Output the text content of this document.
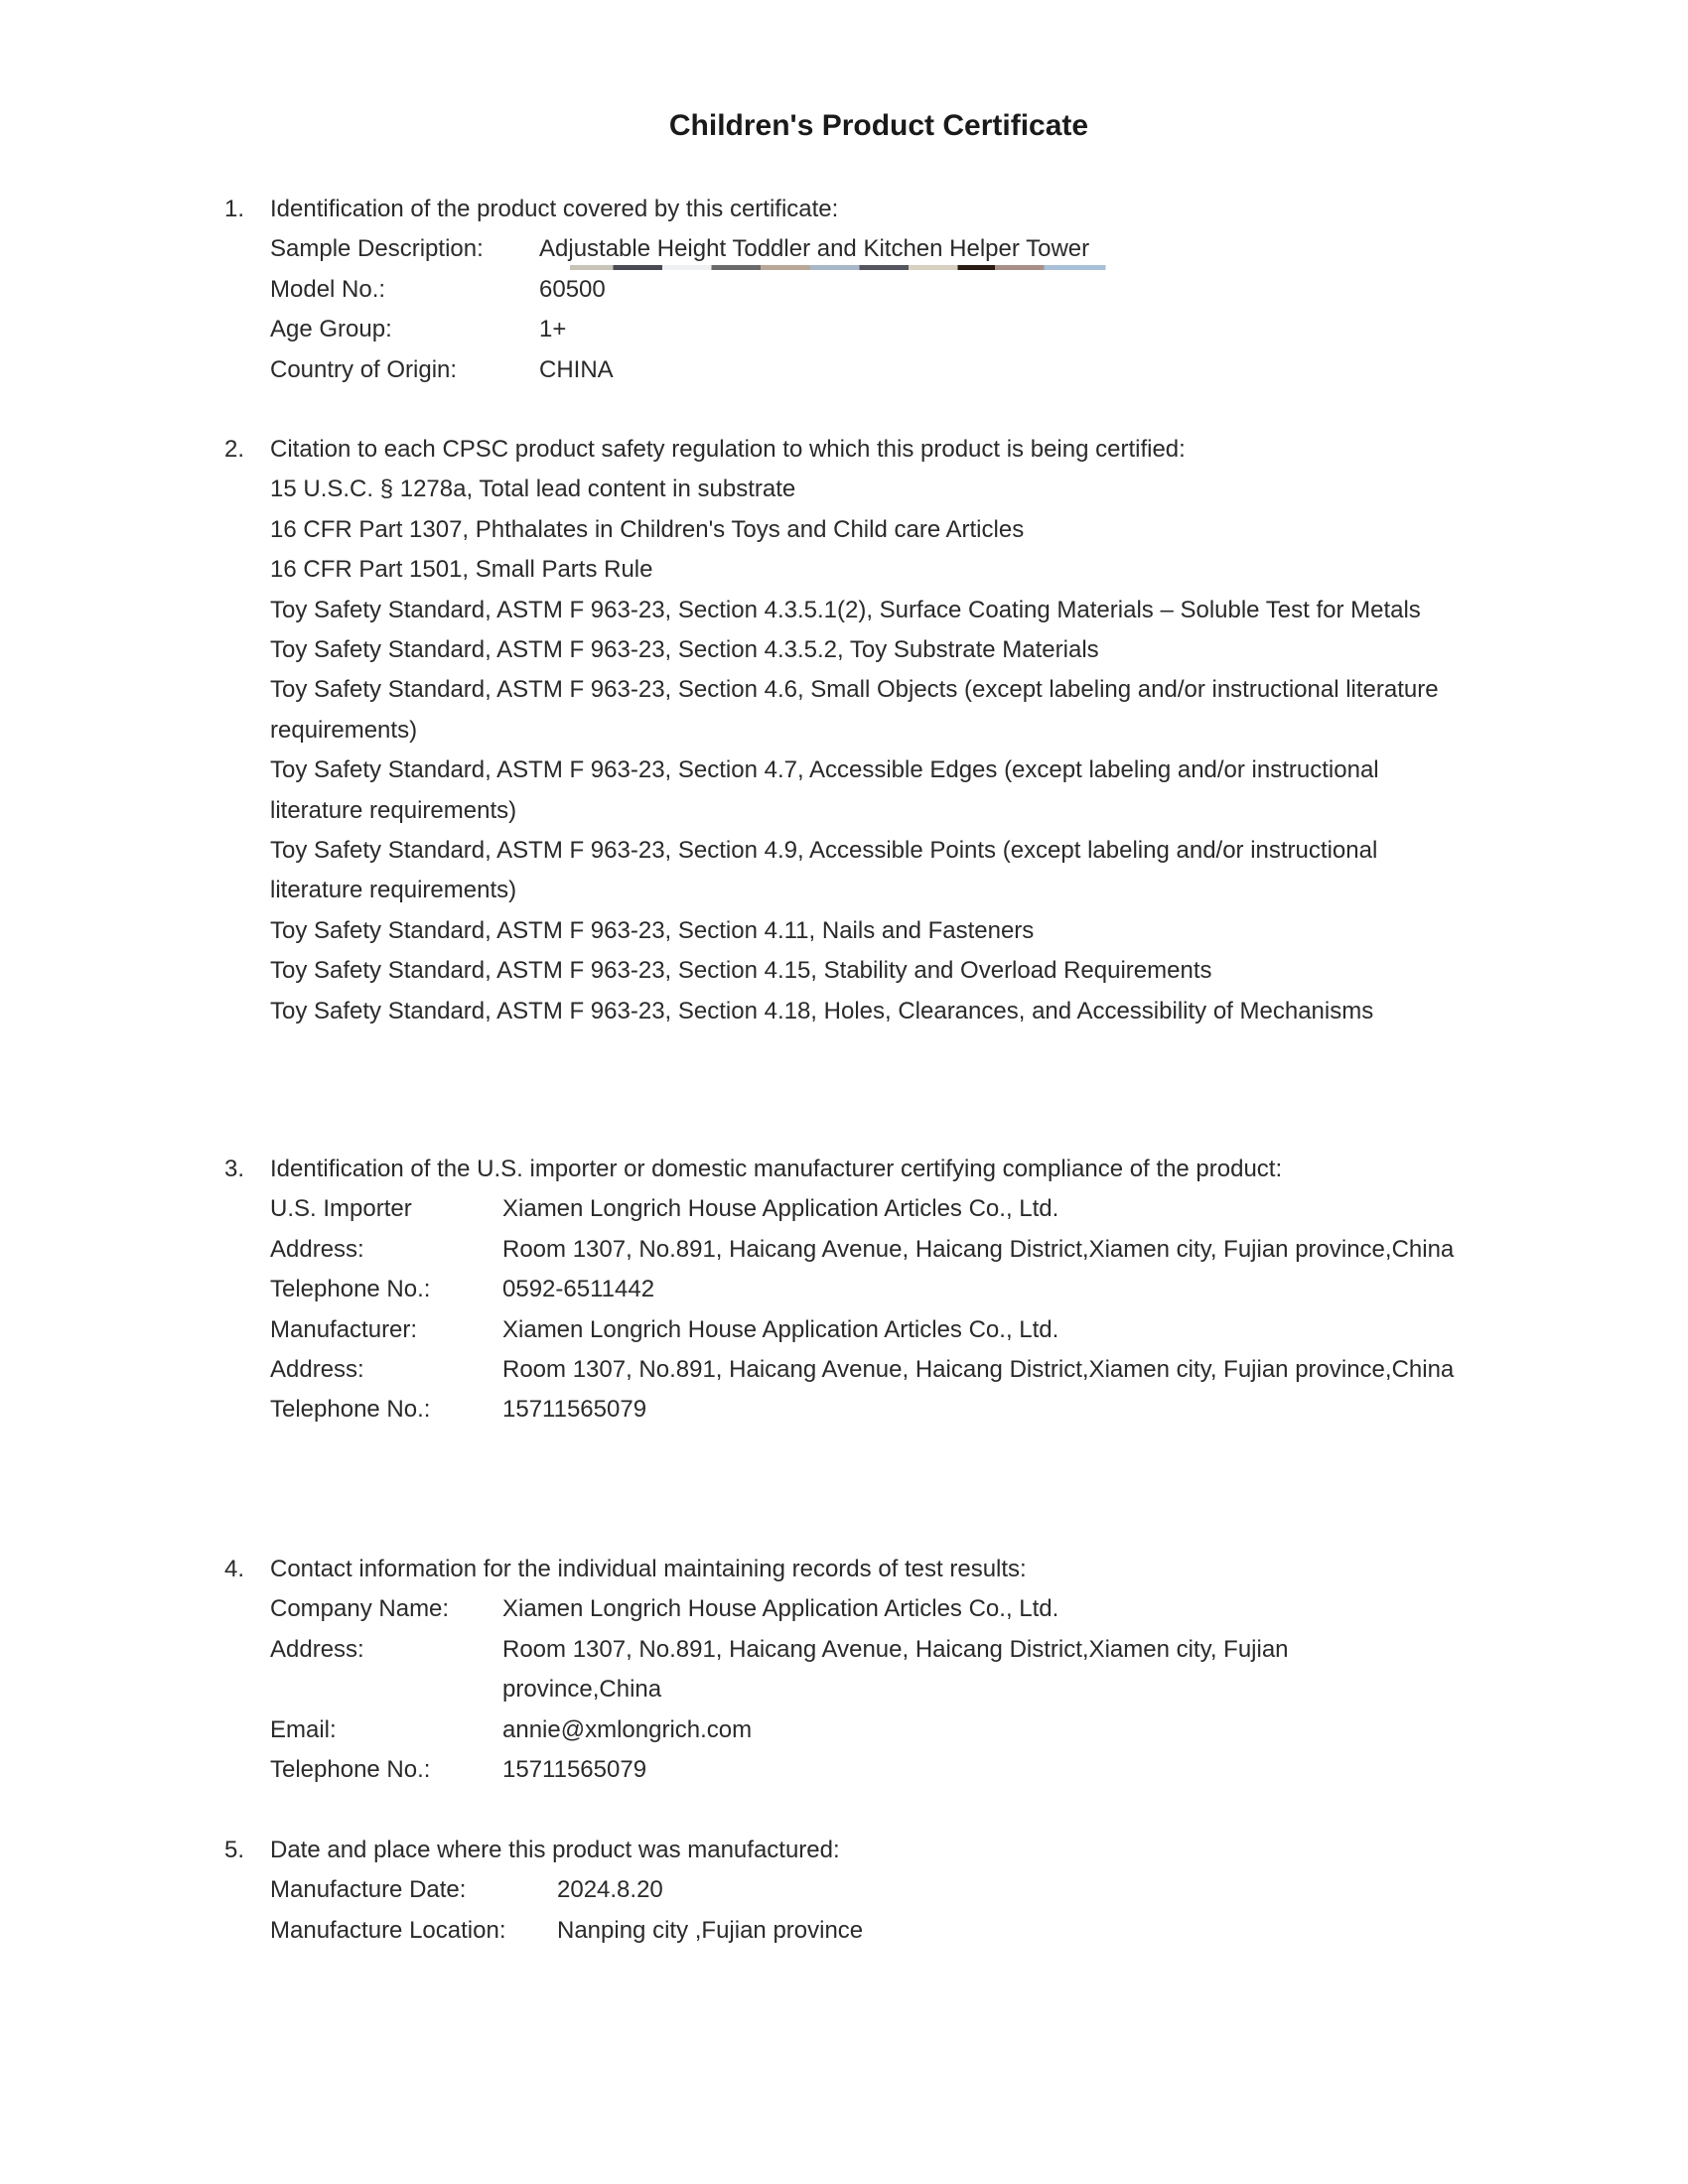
Children's Product Certificate
1. Identification of the product covered by this certificate:
Sample Description:	Adjustable Height Toddler and Kitchen Helper Tower
Model No.:	60500
Age Group:	1+
Country of Origin:	CHINA
2. Citation to each CPSC product safety regulation to which this product is being certified:
15 U.S.C. § 1278a, Total lead content in substrate
16 CFR Part 1307, Phthalates in Children's Toys and Child care Articles
16 CFR Part 1501, Small Parts Rule
Toy Safety Standard, ASTM F 963-23, Section 4.3.5.1(2), Surface Coating Materials – Soluble Test for Metals
Toy Safety Standard, ASTM F 963-23, Section 4.3.5.2, Toy Substrate Materials
Toy Safety Standard, ASTM F 963-23, Section 4.6, Small Objects (except labeling and/or instructional literature requirements)
Toy Safety Standard, ASTM F 963-23, Section 4.7, Accessible Edges (except labeling and/or instructional literature requirements)
Toy Safety Standard, ASTM F 963-23, Section 4.9, Accessible Points (except labeling and/or instructional literature requirements)
Toy Safety Standard, ASTM F 963-23, Section 4.11, Nails and Fasteners
Toy Safety Standard, ASTM F 963-23, Section 4.15, Stability and Overload Requirements
Toy Safety Standard, ASTM F 963-23, Section 4.18, Holes, Clearances, and Accessibility of Mechanisms
3. Identification of the U.S. importer or domestic manufacturer certifying compliance of the product:
U.S. Importer	Xiamen Longrich House Application Articles Co., Ltd.
Address:	Room 1307, No.891, Haicang Avenue, Haicang District,Xiamen city, Fujian province,China
Telephone No.:	0592-6511442
Manufacturer:	Xiamen Longrich House Application Articles Co., Ltd.
Address:	Room 1307, No.891, Haicang Avenue, Haicang District,Xiamen city, Fujian province,China
Telephone No.:	15711565079
4. Contact information for the individual maintaining records of test results:
Company Name:	Xiamen Longrich House Application Articles Co., Ltd.
Address:	Room 1307, No.891, Haicang Avenue, Haicang District,Xiamen city, Fujian province,China
Email:	annie@xmlongrich.com
Telephone No.:	15711565079
5. Date and place where this product was manufactured:
Manufacture Date:	2024.8.20
Manufacture Location:	Nanping city ,Fujian province
